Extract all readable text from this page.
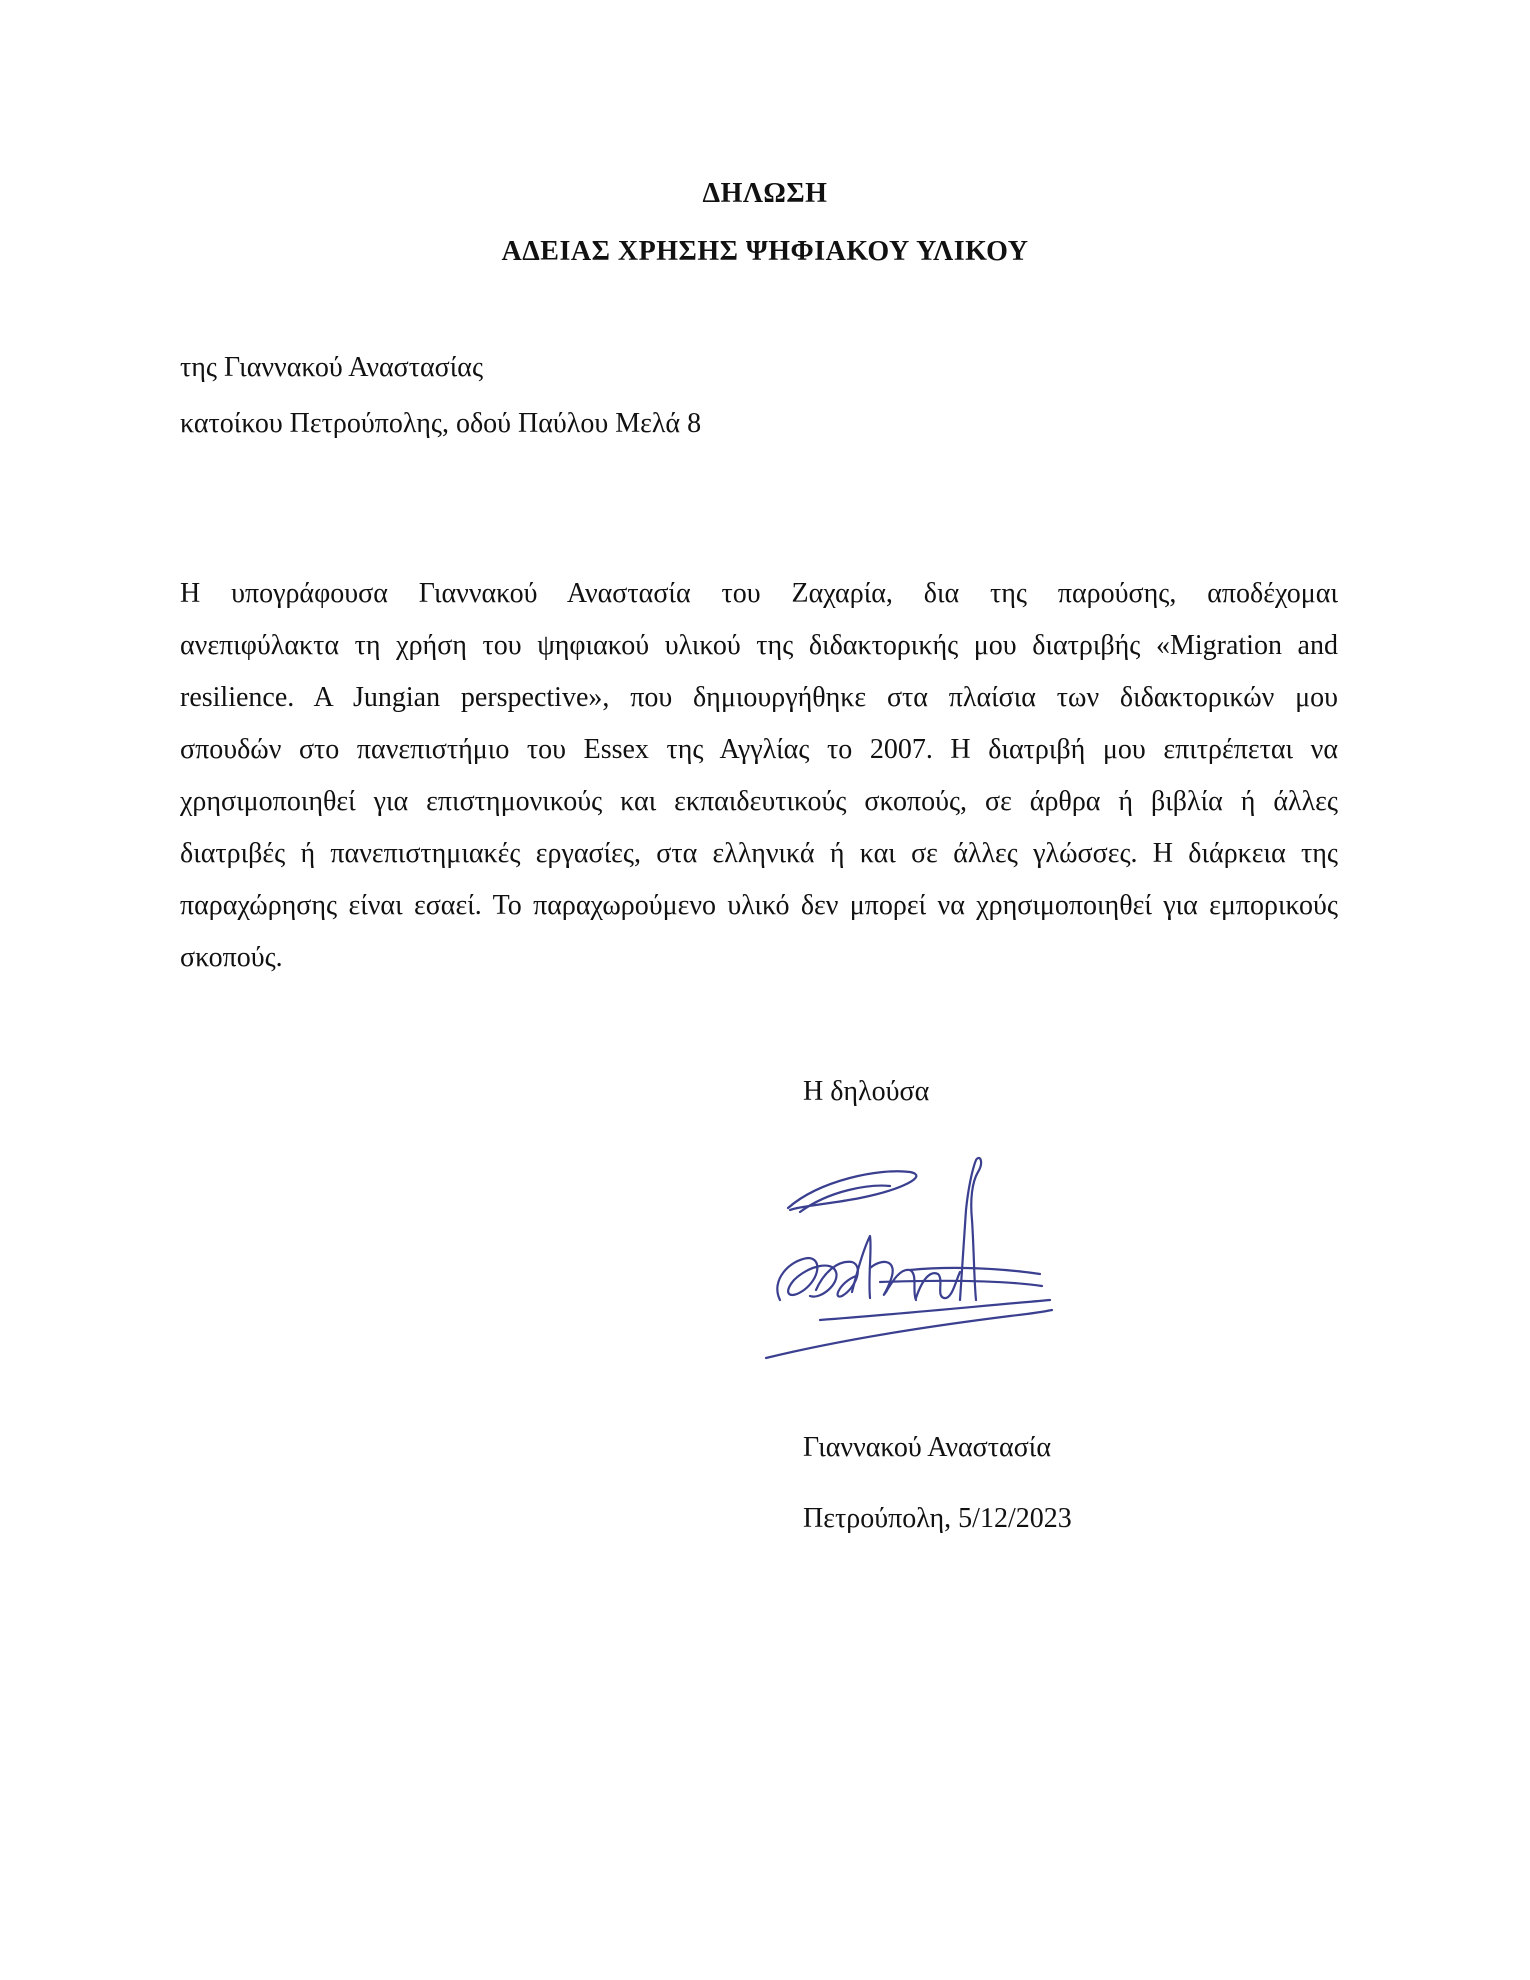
ΔΗΛΩΣΗ
ΑΔΕΙΑΣ ΧΡΗΣΗΣ ΨΗΦΙΑΚΟΥ ΥΛΙΚΟΥ
της Γιαννακού Αναστασίας
κατοίκου Πετρούπολης, οδού Παύλου Μελά 8
Η υπογράφουσα Γιαννακού Αναστασία του Ζαχαρία, δια της παρούσης, αποδέχομαι
ανεπιφύλακτα τη χρήση του ψηφιακού υλικού της διδακτορικής μου διατριβής «Migration and
resilience. A Jungian perspective», που δημιουργήθηκε στα πλαίσια των διδακτορικών μου
σπουδών στο πανεπιστήμιο του Essex της Αγγλίας το 2007. Η διατριβή μου επιτρέπεται να
χρησιμοποιηθεί για επιστημονικούς και εκπαιδευτικούς σκοπούς, σε άρθρα ή βιβλία ή άλλες
διατριβές ή πανεπιστημιακές εργασίες, στα ελληνικά ή και σε άλλες γλώσσες. Η διάρκεια της
παραχώρησης είναι εσαεί. Το παραχωρούμενο υλικό δεν μπορεί να χρησιμοποιηθεί για εμπορικούς
σκοπούς.
Η δηλούσα
Γιαννακού Αναστασία
Πετρούπολη, 5/12/2023
